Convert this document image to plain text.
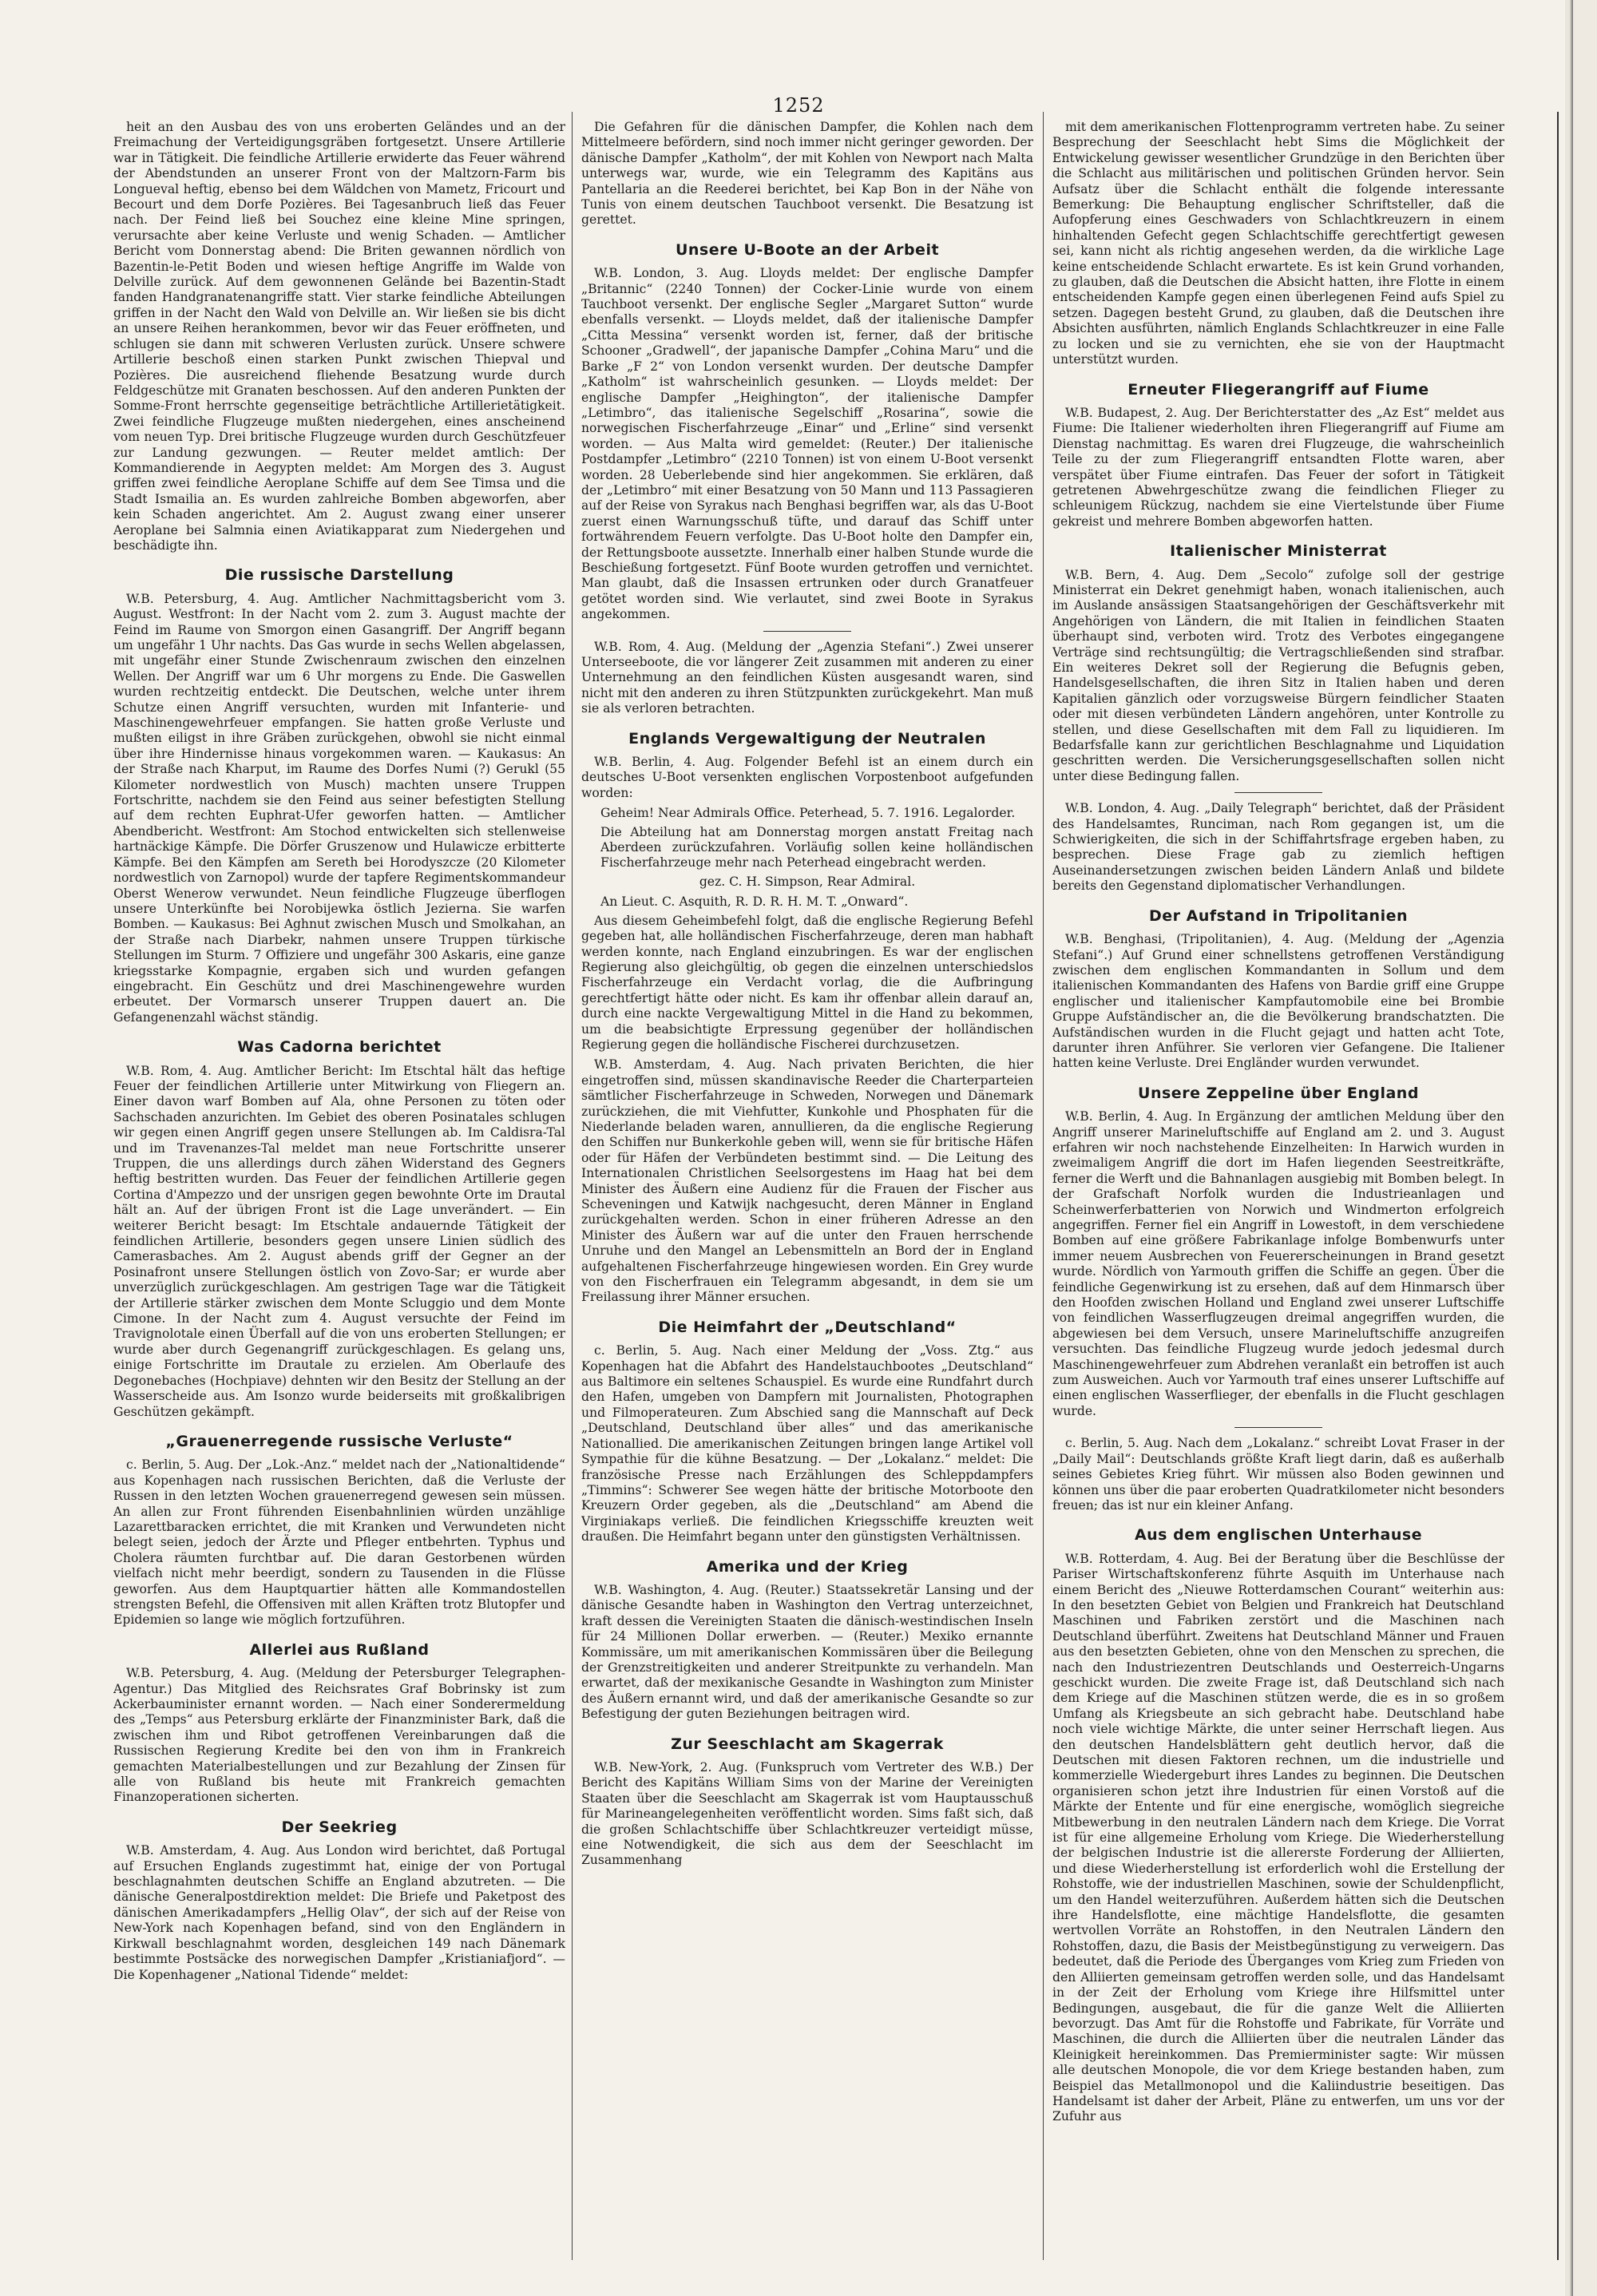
1252

heit an den Ausbau des von uns eroberten Geländes und an der Freimachung der Verteidigungsgräben fortgesetzt. Unsere Artillerie war in Tätigkeit. Die feindliche Artillerie erwiderte das Feuer während der Abendstunden an unserer Front von der Maltzorn-Farm bis Longueval heftig, ebenso bei dem Wäldchen von Mametz, Fricourt und Becourt und dem Dorfe Pozières. Bei Tagesanbruch ließ das Feuer nach. Der Feind ließ bei Souchez eine kleine Mine springen, verursachte aber keine Verluste und wenig Schaden. — Amtlicher Bericht vom Donnerstag abend: Die Briten gewannen nördlich von Bazentin-le-Petit Boden und wiesen heftige Angriffe im Walde von Delville zurück. Auf dem gewonnenen Gelände bei Bazentin-Stadt fanden Handgranatenangriffe statt. Vier starke feindliche Abteilungen griffen in der Nacht den Wald von Delville an. Wir ließen sie bis dicht an unsere Reihen herankommen, bevor wir das Feuer eröffneten, und schlugen sie dann mit schweren Verlusten zurück. Unsere schwere Artillerie beschoß einen starken Punkt zwischen Thiepval und Pozières. Die ausreichend fliehende Besatzung wurde durch Feldgeschütze mit Granaten beschossen. Auf den anderen Punkten der Somme-Front herrschte gegenseitige beträchtliche Artillerietätigkeit. Zwei feindliche Flugzeuge mußten niedergehen, eines anscheinend vom neuen Typ. Drei britische Flugzeuge wurden durch Geschützfeuer zur Landung gezwungen. — Reuter meldet amtlich: Der Kommandierende in Aegypten meldet: Am Morgen des 3. August griffen zwei feindliche Aeroplane Schiffe auf dem See Timsa und die Stadt Ismailia an. Es wurden zahlreiche Bomben abgeworfen, aber kein Schaden angerichtet. Am 2. August zwang einer unserer Aeroplane bei Salmnia einen Aviatikapparat zum Niedergehen und beschädigte ihn.

Die russische Darstellung

W.B. Petersburg, 4. Aug. Amtlicher Nachmittagsbericht vom 3. August. Westfront: In der Nacht vom 2. zum 3. August machte der Feind im Raume von Smorgon einen Gasangriff. Der Angriff begann um ungefähr 1 Uhr nachts. Das Gas wurde in sechs Wellen abgelassen, mit ungefähr einer Stunde Zwischenraum zwischen den einzelnen Wellen. Der Angriff war um 6 Uhr morgens zu Ende. Die Gaswellen wurden rechtzeitig entdeckt. Die Deutschen, welche unter ihrem Schutze einen Angriff versuchten, wurden mit Infanterie- und Maschinengewehrfeuer empfangen. Sie hatten große Verluste und mußten eiligst in ihre Gräben zurückgehen, obwohl sie nicht einmal über ihre Hindernisse hinaus vorgekommen waren. — Kaukasus: An der Straße nach Kharput, im Raume des Dorfes Numi (?) Gerukl (55 Kilometer nordwestlich von Musch) machten unsere Truppen Fortschritte, nachdem sie den Feind aus seiner befestigten Stellung auf dem rechten Euphrat-Ufer geworfen hatten. — Amtlicher Abendbericht. Westfront: Am Stochod entwickelten sich stellenweise hartnäckige Kämpfe. Die Dörfer Gruszenow und Hulawicze erbitterte Kämpfe. Bei den Kämpfen am Sereth bei Horodyszcze (20 Kilometer nordwestlich von Zarnopol) wurde der tapfere Regimentskommandeur Oberst Wenerow verwundet. Neun feindliche Flugzeuge überflogen unsere Unterkünfte bei Norobijewka östlich Jezierna. Sie warfen Bomben. — Kaukasus: Bei Aghnut zwischen Musch und Smolkahan, an der Straße nach Diarbekr, nahmen unsere Truppen türkische Stellungen im Sturm. 7 Offiziere und ungefähr 300 Askaris, eine ganze kriegsstarke Kompagnie, ergaben sich und wurden gefangen eingebracht. Ein Geschütz und drei Maschinengewehre wurden erbeutet. Der Vormarsch unserer Truppen dauert an. Die Gefangenenzahl wächst ständig.

Was Cadorna berichtet

W.B. Rom, 4. Aug. Amtlicher Bericht: Im Etschtal hält das heftige Feuer der feindlichen Artillerie unter Mitwirkung von Fliegern an. Einer davon warf Bomben auf Ala, ohne Personen zu töten oder Sachschaden anzurichten. Im Gebiet des oberen Posinatales schlugen wir gegen einen Angriff gegen unsere Stellungen ab. Im Caldisra-Tal und im Travenanzes-Tal meldet man neue Fortschritte unserer Truppen, die uns allerdings durch zähen Widerstand des Gegners heftig bestritten wurden. Das Feuer der feindlichen Artillerie gegen Cortina d'Ampezzo und der unsrigen gegen bewohnte Orte im Drautal hält an. Auf der übrigen Front ist die Lage unverändert. — Ein weiterer Bericht besagt: Im Etschtale andauernde Tätigkeit der feindlichen Artillerie, besonders gegen unsere Linien südlich des Camerasbaches. Am 2. August abends griff der Gegner an der Posinafront unsere Stellungen östlich von Zovo-Sar; er wurde aber unverzüglich zurückgeschlagen. Am gestrigen Tage war die Tätigkeit der Artillerie stärker zwischen dem Monte Scluggio und dem Monte Cimone. In der Nacht zum 4. August versuchte der Feind im Travignolotale einen Überfall auf die von uns eroberten Stellungen; er wurde aber durch Gegenangriff zurückgeschlagen. Es gelang uns, einige Fortschritte im Drautale zu erzielen. Am Oberlaufe des Degonebaches (Hochpiave) dehnten wir den Besitz der Stellung an der Wasserscheide aus. Am Isonzo wurde beiderseits mit großkalibrigen Geschützen gekämpft.

„Grauenerregende russische Verluste“

c. Berlin, 5. Aug. Der „Lok.-Anz.“ meldet nach der „Nationaltidende“ aus Kopenhagen nach russischen Berichten, daß die Verluste der Russen in den letzten Wochen grauenerregend gewesen sein müssen. An allen zur Front führenden Eisenbahnlinien würden unzählige Lazarettbaracken errichtet, die mit Kranken und Verwundeten nicht belegt seien, jedoch der Ärzte und Pfleger entbehrten. Typhus und Cholera räumten furchtbar auf. Die daran Gestorbenen würden vielfach nicht mehr beerdigt, sondern zu Tausenden in die Flüsse geworfen. Aus dem Hauptquartier hätten alle Kommandostellen strengsten Befehl, die Offensiven mit allen Kräften trotz Blutopfer und Epidemien so lange wie möglich fortzuführen.

Allerlei aus Rußland

W.B. Petersburg, 4. Aug. (Meldung der Petersburger Telegraphen-Agentur.) Das Mitglied des Reichsrates Graf Bobrinsky ist zum Ackerbauminister ernannt worden. — Nach einer Sonderermeldung des „Temps“ aus Petersburg erklärte der Finanzminister Bark, daß die zwischen ihm und Ribot getroffenen Vereinbarungen daß die Russischen Regierung Kredite bei den von ihm in Frankreich gemachten Materialbestellungen und zur Bezahlung der Zinsen für alle von Rußland bis heute mit Frankreich gemachten Finanzoperationen sicherten.

Der Seekrieg

W.B. Amsterdam, 4. Aug. Aus London wird berichtet, daß Portugal auf Ersuchen Englands zugestimmt hat, einige der von Portugal beschlagnahmten deutschen Schiffe an England abzutreten. — Die dänische Generalpostdirektion meldet: Die Briefe und Paketpost des dänischen Amerikadampfers „Hellig Olav“, der sich auf der Reise von New-York nach Kopenhagen befand, sind von den Engländern in Kirkwall beschlagnahmt worden, desgleichen 149 nach Dänemark bestimmte Postsäcke des norwegischen Dampfer „Kristianiafjord“. — Die Kopenhagener „National Tidende“ meldet:

Die Gefahren für die dänischen Dampfer, die Kohlen nach dem Mittelmeere befördern, sind noch immer nicht geringer geworden. Der dänische Dampfer „Katholm“, der mit Kohlen von Newport nach Malta unterwegs war, wurde, wie ein Telegramm des Kapitäns aus Pantellaria an die Reederei berichtet, bei Kap Bon in der Nähe von Tunis von einem deutschen Tauchboot versenkt. Die Besatzung ist gerettet.

Unsere U-Boote an der Arbeit

W.B. London, 3. Aug. Lloyds meldet: Der englische Dampfer „Britannic“ (2240 Tonnen) der Cocker-Linie wurde von einem Tauchboot versenkt. Der englische Segler „Margaret Sutton“ wurde ebenfalls versenkt. — Lloyds meldet, daß der italienische Dampfer „Citta Messina“ versenkt worden ist, ferner, daß der britische Schooner „Gradwell“, der japanische Dampfer „Cohina Maru“ und die Barke „F 2“ von London versenkt wurden. Der deutsche Dampfer „Katholm“ ist wahrscheinlich gesunken. — Lloyds meldet: Der englische Dampfer „Heighington“, der italienische Dampfer „Letimbro“, das italienische Segelschiff „Rosarina“, sowie die norwegischen Fischerfahrzeuge „Einar“ und „Erline“ sind versenkt worden. — Aus Malta wird gemeldet: (Reuter.) Der italienische Postdampfer „Letimbro“ (2210 Tonnen) ist von einem U-Boot versenkt worden. 28 Ueberlebende sind hier angekommen. Sie erklären, daß der „Letimbro“ mit einer Besatzung von 50 Mann und 113 Passagieren auf der Reise von Syrakus nach Benghasi begriffen war, als das U-Boot zuerst einen Warnungsschuß tüfte, und darauf das Schiff unter fortwährendem Feuern verfolgte. Das U-Boot holte den Dampfer ein, der Rettungsboote aussetzte. Innerhalb einer halben Stunde wurde die Beschießung fortgesetzt. Fünf Boote wurden getroffen und vernichtet. Man glaubt, daß die Insassen ertrunken oder durch Granatfeuer getötet worden sind. Wie verlautet, sind zwei Boote in Syrakus angekommen.

W.B. Rom, 4. Aug. (Meldung der „Agenzia Stefani“.) Zwei unserer Unterseeboote, die vor längerer Zeit zusammen mit anderen zu einer Unternehmung an den feindlichen Küsten ausgesandt waren, sind nicht mit den anderen zu ihren Stützpunkten zurückgekehrt. Man muß sie als verloren betrachten.

Englands Vergewaltigung der Neutralen

W.B. Berlin, 4. Aug. Folgender Befehl ist an einem durch ein deutsches U-Boot versenkten englischen Vorpostenboot aufgefunden worden:

Geheim! Near Admirals Office. Peterhead, 5. 7. 1916. Legalorder.

Die Abteilung hat am Donnerstag morgen anstatt Freitag nach Aberdeen zurückzufahren. Vorläufig sollen keine holländischen Fischerfahrzeuge mehr nach Peterhead eingebracht werden.

gez. C. H. Simpson, Rear Admiral.

An Lieut. C. Asquith, R. D. R. H. M. T. „Onward“.

Aus diesem Geheimbefehl folgt, daß die englische Regierung Befehl gegeben hat, alle holländischen Fischerfahrzeuge, deren man habhaft werden konnte, nach England einzubringen. Es war der englischen Regierung also gleichgültig, ob gegen die einzelnen unterschiedslos Fischerfahrzeuge ein Verdacht vorlag, die die Aufbringung gerechtfertigt hätte oder nicht. Es kam ihr offenbar allein darauf an, durch eine nackte Vergewaltigung Mittel in die Hand zu bekommen, um die beabsichtigte Erpressung gegenüber der holländischen Regierung gegen die holländische Fischerei durchzusetzen.

W.B. Amsterdam, 4. Aug. Nach privaten Berichten, die hier eingetroffen sind, müssen skandinavische Reeder die Charterparteien sämtlicher Fischerfahrzeuge in Schweden, Norwegen und Dänemark zurückziehen, die mit Viehfutter, Kunkohle und Phosphaten für die Niederlande beladen waren, annullieren, da die englische Regierung den Schiffen nur Bunkerkohle geben will, wenn sie für britische Häfen oder für Häfen der Verbündeten bestimmt sind. — Die Leitung des Internationalen Christlichen Seelsorgestens im Haag hat bei dem Minister des Äußern eine Audienz für die Frauen der Fischer aus Scheveningen und Katwijk nachgesucht, deren Männer in England zurückgehalten werden. Schon in einer früheren Adresse an den Minister des Äußern war auf die unter den Frauen herrschende Unruhe und den Mangel an Lebensmitteln an Bord der in England aufgehaltenen Fischerfahrzeuge hingewiesen worden. Ein Grey wurde von den Fischerfrauen ein Telegramm abgesandt, in dem sie um Freilassung ihrer Männer ersuchen.

Die Heimfahrt der „Deutschland“

c. Berlin, 5. Aug. Nach einer Meldung der „Voss. Ztg.“ aus Kopenhagen hat die Abfahrt des Handelstauchbootes „Deutschland“ aus Baltimore ein seltenes Schauspiel. Es wurde eine Rundfahrt durch den Hafen, umgeben von Dampfern mit Journalisten, Photographen und Filmoperateuren. Zum Abschied sang die Mannschaft auf Deck „Deutschland, Deutschland über alles“ und das amerikanische Nationallied. Die amerikanischen Zeitungen bringen lange Artikel voll Sympathie für die kühne Besatzung. — Der „Lokalanz.“ meldet: Die französische Presse nach Erzählungen des Schleppdampfers „Timmins“: Schwerer See wegen hätte der britische Motorboote den Kreuzern Order gegeben, als die „Deutschland“ am Abend die Virginiakaps verließ. Die feindlichen Kriegsschiffe kreuzten weit draußen. Die Heimfahrt begann unter den günstigsten Verhältnissen.

Amerika und der Krieg

W.B. Washington, 4. Aug. (Reuter.) Staatssekretär Lansing und der dänische Gesandte haben in Washington den Vertrag unterzeichnet, kraft dessen die Vereinigten Staaten die dänisch-westindischen Inseln für 24 Millionen Dollar erwerben. — (Reuter.) Mexiko ernannte Kommissäre, um mit amerikanischen Kommissären über die Beilegung der Grenzstreitigkeiten und anderer Streitpunkte zu verhandeln. Man erwartet, daß der mexikanische Gesandte in Washington zum Minister des Äußern ernannt wird, und daß der amerikanische Gesandte so zur Befestigung der guten Beziehungen beitragen wird.

Zur Seeschlacht am Skagerrak

W.B. New-York, 2. Aug. (Funkspruch vom Vertreter des W.B.) Der Bericht des Kapitäns William Sims von der Marine der Vereinigten Staaten über die Seeschlacht am Skagerrak ist vom Hauptausschuß für Marineangelegenheiten veröffentlicht worden. Sims faßt sich, daß die großen Schlachtschiffe über Schlachtkreuzer verteidigt müsse, eine Notwendigkeit, die sich aus dem der Seeschlacht im Zusammenhang

mit dem amerikanischen Flottenprogramm vertreten habe. Zu seiner Besprechung der Seeschlacht hebt Sims die Möglichkeit der Entwickelung gewisser wesentlicher Grundzüge in den Berichten über die Schlacht aus militärischen und politischen Gründen hervor. Sein Aufsatz über die Schlacht enthält die folgende interessante Bemerkung: Die Behauptung englischer Schriftsteller, daß die Aufopferung eines Geschwaders von Schlachtkreuzern in einem hinhaltenden Gefecht gegen Schlachtschiffe gerechtfertigt gewesen sei, kann nicht als richtig angesehen werden, da die wirkliche Lage keine entscheidende Schlacht erwartete. Es ist kein Grund vorhanden, zu glauben, daß die Deutschen die Absicht hatten, ihre Flotte in einem entscheidenden Kampfe gegen einen überlegenen Feind aufs Spiel zu setzen. Dagegen besteht Grund, zu glauben, daß die Deutschen ihre Absichten ausführten, nämlich Englands Schlachtkreuzer in eine Falle zu locken und sie zu vernichten, ehe sie von der Hauptmacht unterstützt wurden.

Erneuter Fliegerangriff auf Fiume

W.B. Budapest, 2. Aug. Der Berichterstatter des „Az Est“ meldet aus Fiume: Die Italiener wiederholten ihren Fliegerangriff auf Fiume am Dienstag nachmittag. Es waren drei Flugzeuge, die wahrscheinlich Teile zu der zum Fliegerangriff entsandten Flotte waren, aber verspätet über Fiume eintrafen. Das Feuer der sofort in Tätigkeit getretenen Abwehrgeschütze zwang die feindlichen Flieger zu schleunigem Rückzug, nachdem sie eine Viertelstunde über Fiume gekreist und mehrere Bomben abgeworfen hatten.

Italienischer Ministerrat

W.B. Bern, 4. Aug. Dem „Secolo“ zufolge soll der gestrige Ministerrat ein Dekret genehmigt haben, wonach italienischen, auch im Auslande ansässigen Staatsangehörigen der Geschäftsverkehr mit Angehörigen von Ländern, die mit Italien in feindlichen Staaten überhaupt sind, verboten wird. Trotz des Verbotes eingegangene Verträge sind rechtsungültig; die Vertragschließenden sind strafbar. Ein weiteres Dekret soll der Regierung die Befugnis geben, Handelsgesellschaften, die ihren Sitz in Italien haben und deren Kapitalien gänzlich oder vorzugsweise Bürgern feindlicher Staaten oder mit diesen verbündeten Ländern angehören, unter Kontrolle zu stellen, und diese Gesellschaften mit dem Fall zu liquidieren. Im Bedarfsfalle kann zur gerichtlichen Beschlagnahme und Liquidation geschritten werden. Die Versicherungsgesellschaften sollen nicht unter diese Bedingung fallen.

W.B. London, 4. Aug. „Daily Telegraph“ berichtet, daß der Präsident des Handelsamtes, Runciman, nach Rom gegangen ist, um die Schwierigkeiten, die sich in der Schiffahrtsfrage ergeben haben, zu besprechen. Diese Frage gab zu ziemlich heftigen Auseinandersetzungen zwischen beiden Ländern Anlaß und bildete bereits den Gegenstand diplomatischer Verhandlungen.

Der Aufstand in Tripolitanien

W.B. Benghasi, (Tripolitanien), 4. Aug. (Meldung der „Agenzia Stefani“.) Auf Grund einer schnellstens getroffenen Verständigung zwischen dem englischen Kommandanten in Sollum und dem italienischen Kommandanten des Hafens von Bardie griff eine Gruppe englischer und italienischer Kampfautomobile eine bei Brombie Gruppe Aufständischer an, die die Bevölkerung brandschatzten. Die Aufständischen wurden in die Flucht gejagt und hatten acht Tote, darunter ihren Anführer. Sie verloren vier Gefangene. Die Italiener hatten keine Verluste. Drei Engländer wurden verwundet.

Unsere Zeppeline über England

W.B. Berlin, 4. Aug. In Ergänzung der amtlichen Meldung über den Angriff unserer Marineluftschiffe auf England am 2. und 3. August erfahren wir noch nachstehende Einzelheiten: In Harwich wurden in zweimaligem Angriff die dort im Hafen liegenden Seestreitkräfte, ferner die Werft und die Bahnanlagen ausgiebig mit Bomben belegt. In der Grafschaft Norfolk wurden die Industrieanlagen und Scheinwerferbatterien von Norwich und Windmerton erfolgreich angegriffen. Ferner fiel ein Angriff in Lowestoft, in dem verschiedene Bomben auf eine größere Fabrikanlage infolge Bombenwurfs unter immer neuem Ausbrechen von Feuererscheinungen in Brand gesetzt wurde. Nördlich von Yarmouth griffen die Schiffe an gegen. Über die feindliche Gegenwirkung ist zu ersehen, daß auf dem Hinmarsch über den Hoofden zwischen Holland und England zwei unserer Luftschiffe von feindlichen Wasserflugzeugen dreimal angegriffen wurden, die abgewiesen bei dem Versuch, unsere Marineluftschiffe anzugreifen versuchten. Das feindliche Flugzeug wurde jedoch jedesmal durch Maschinengewehrfeuer zum Abdrehen veranlaßt ein betroffen ist auch zum Ausweichen. Auch vor Yarmouth traf eines unserer Luftschiffe auf einen englischen Wasserflieger, der ebenfalls in die Flucht geschlagen wurde.

c. Berlin, 5. Aug. Nach dem „Lokalanz.“ schreibt Lovat Fraser in der „Daily Mail“: Deutschlands größte Kraft liegt darin, daß es außerhalb seines Gebietes Krieg führt. Wir müssen also Boden gewinnen und können uns über die paar eroberten Quadratkilometer nicht besonders freuen; das ist nur ein kleiner Anfang.

Aus dem englischen Unterhause

W.B. Rotterdam, 4. Aug. Bei der Beratung über die Beschlüsse der Pariser Wirtschaftskonferenz führte Asquith im Unterhause nach einem Bericht des „Nieuwe Rotterdamschen Courant“ weiterhin aus: In den besetzten Gebiet von Belgien und Frankreich hat Deutschland Maschinen und Fabriken zerstört und die Maschinen nach Deutschland überführt. Zweitens hat Deutschland Männer und Frauen aus den besetzten Gebieten, ohne von den Menschen zu sprechen, die nach den Industriezentren Deutschlands und Oesterreich-Ungarns geschickt wurden. Die zweite Frage ist, daß Deutschland sich nach dem Kriege auf die Maschinen stützen werde, die es in so großem Umfang als Kriegsbeute an sich gebracht habe. Deutschland habe noch viele wichtige Märkte, die unter seiner Herrschaft liegen. Aus den deutschen Handelsblättern geht deutlich hervor, daß die Deutschen mit diesen Faktoren rechnen, um die industrielle und kommerzielle Wiedergeburt ihres Landes zu beginnen. Die Deutschen organisieren schon jetzt ihre Industrien für einen Vorstoß auf die Märkte der Entente und für eine energische, womöglich siegreiche Mitbewerbung in den neutralen Ländern nach dem Kriege. Die Vorrat ist für eine allgemeine Erholung vom Kriege. Die Wiederherstellung der belgischen Industrie ist die allererste Forderung der Alliierten, und diese Wiederherstellung ist erforderlich wohl die Erstellung der Rohstoffe, wie der industriellen Maschinen, sowie der Schuldenpflicht, um den Handel weiterzuführen. Außerdem hätten sich die Deutschen ihre Handelsflotte, eine mächtige Handelsflotte, die gesamten wertvollen Vorräte an Rohstoffen, in den Neutralen Ländern den Rohstoffen, dazu, die Basis der Meistbegünstigung zu verweigern. Das bedeutet, daß die Periode des Überganges vom Krieg zum Frieden von den Alliierten gemeinsam getroffen werden solle, und das Handelsamt in der Zeit der Erholung vom Kriege ihre Hilfsmittel unter Bedingungen, ausgebaut, die für die ganze Welt die Alliierten bevorzugt. Das Amt für die Rohstoffe und Fabrikate, für Vorräte und Maschinen, die durch die Alliierten über die neutralen Länder das Kleinigkeit hereinkommen. Das Premierminister sagte: Wir müssen alle deutschen Monopole, die vor dem Kriege bestanden haben, zum Beispiel das Metallmonopol und die Kaliindustrie beseitigen. Das Handelsamt ist daher der Arbeit, Pläne zu entwerfen, um uns vor der Zufuhr aus
